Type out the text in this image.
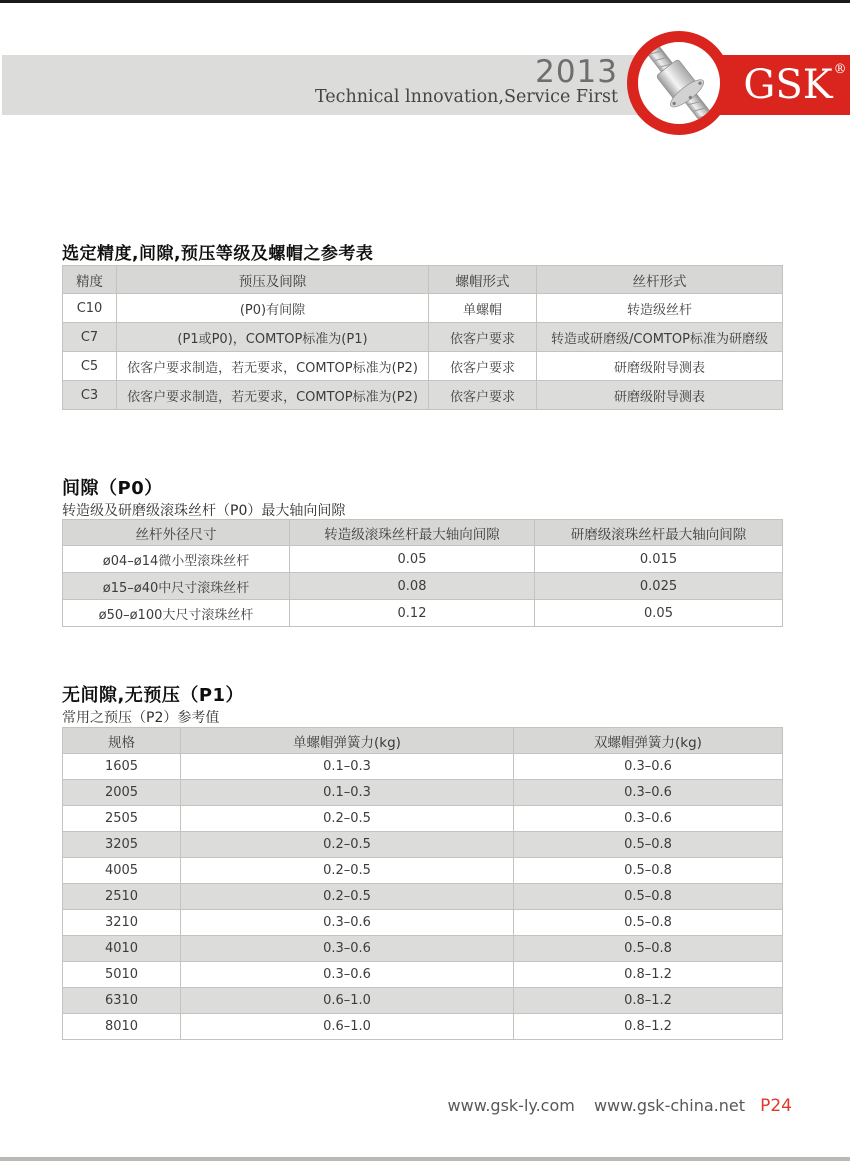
2013
Technical lnnovation,Service First	GSK®
选定精度,间隙,预压等级及螺帽之参考表
精度	预压及间隙	螺帽形式	丝杆形式
C10	(P0)有间隙	单螺帽	转造级丝杆
C7	(P1或P0)，COMTOP标准为(P1)	依客户要求	转造或研磨级/COMTOP标准为研磨级
C5	依客户要求制造，若无要求，COMTOP标准为(P2)	依客户要求	研磨级附导测表
C3	依客户要求制造，若无要求，COMTOP标准为(P2)	依客户要求	研磨级附导测表
间隙（P0）
转造级及研磨级滚珠丝杆（P0）最大轴向间隙
丝杆外径尺寸	转造级滚珠丝杆最大轴向间隙	研磨级滚珠丝杆最大轴向间隙
ø04–ø14微小型滚珠丝杆	0.05	0.015
ø15–ø40中尺寸滚珠丝杆	0.08	0.025
ø50–ø100大尺寸滚珠丝杆	0.12	0.05
无间隙,无预压（P1）
常用之预压（P2）参考值
规格	单螺帽弹簧力(kg)	双螺帽弹簧力(kg)
1605	0.1–0.3	0.3–0.6
2005	0.1–0.3	0.3–0.6
2505	0.2–0.5	0.3–0.6
3205	0.2–0.5	0.5–0.8
4005	0.2–0.5	0.5–0.8
2510	0.2–0.5	0.5–0.8
3210	0.3–0.6	0.5–0.8
4010	0.3–0.6	0.5–0.8
5010	0.3–0.6	0.8–1.2
6310	0.6–1.0	0.8–1.2
8010	0.6–1.0	0.8–1.2
www.gsk-ly.com www.gsk-china.net P24
